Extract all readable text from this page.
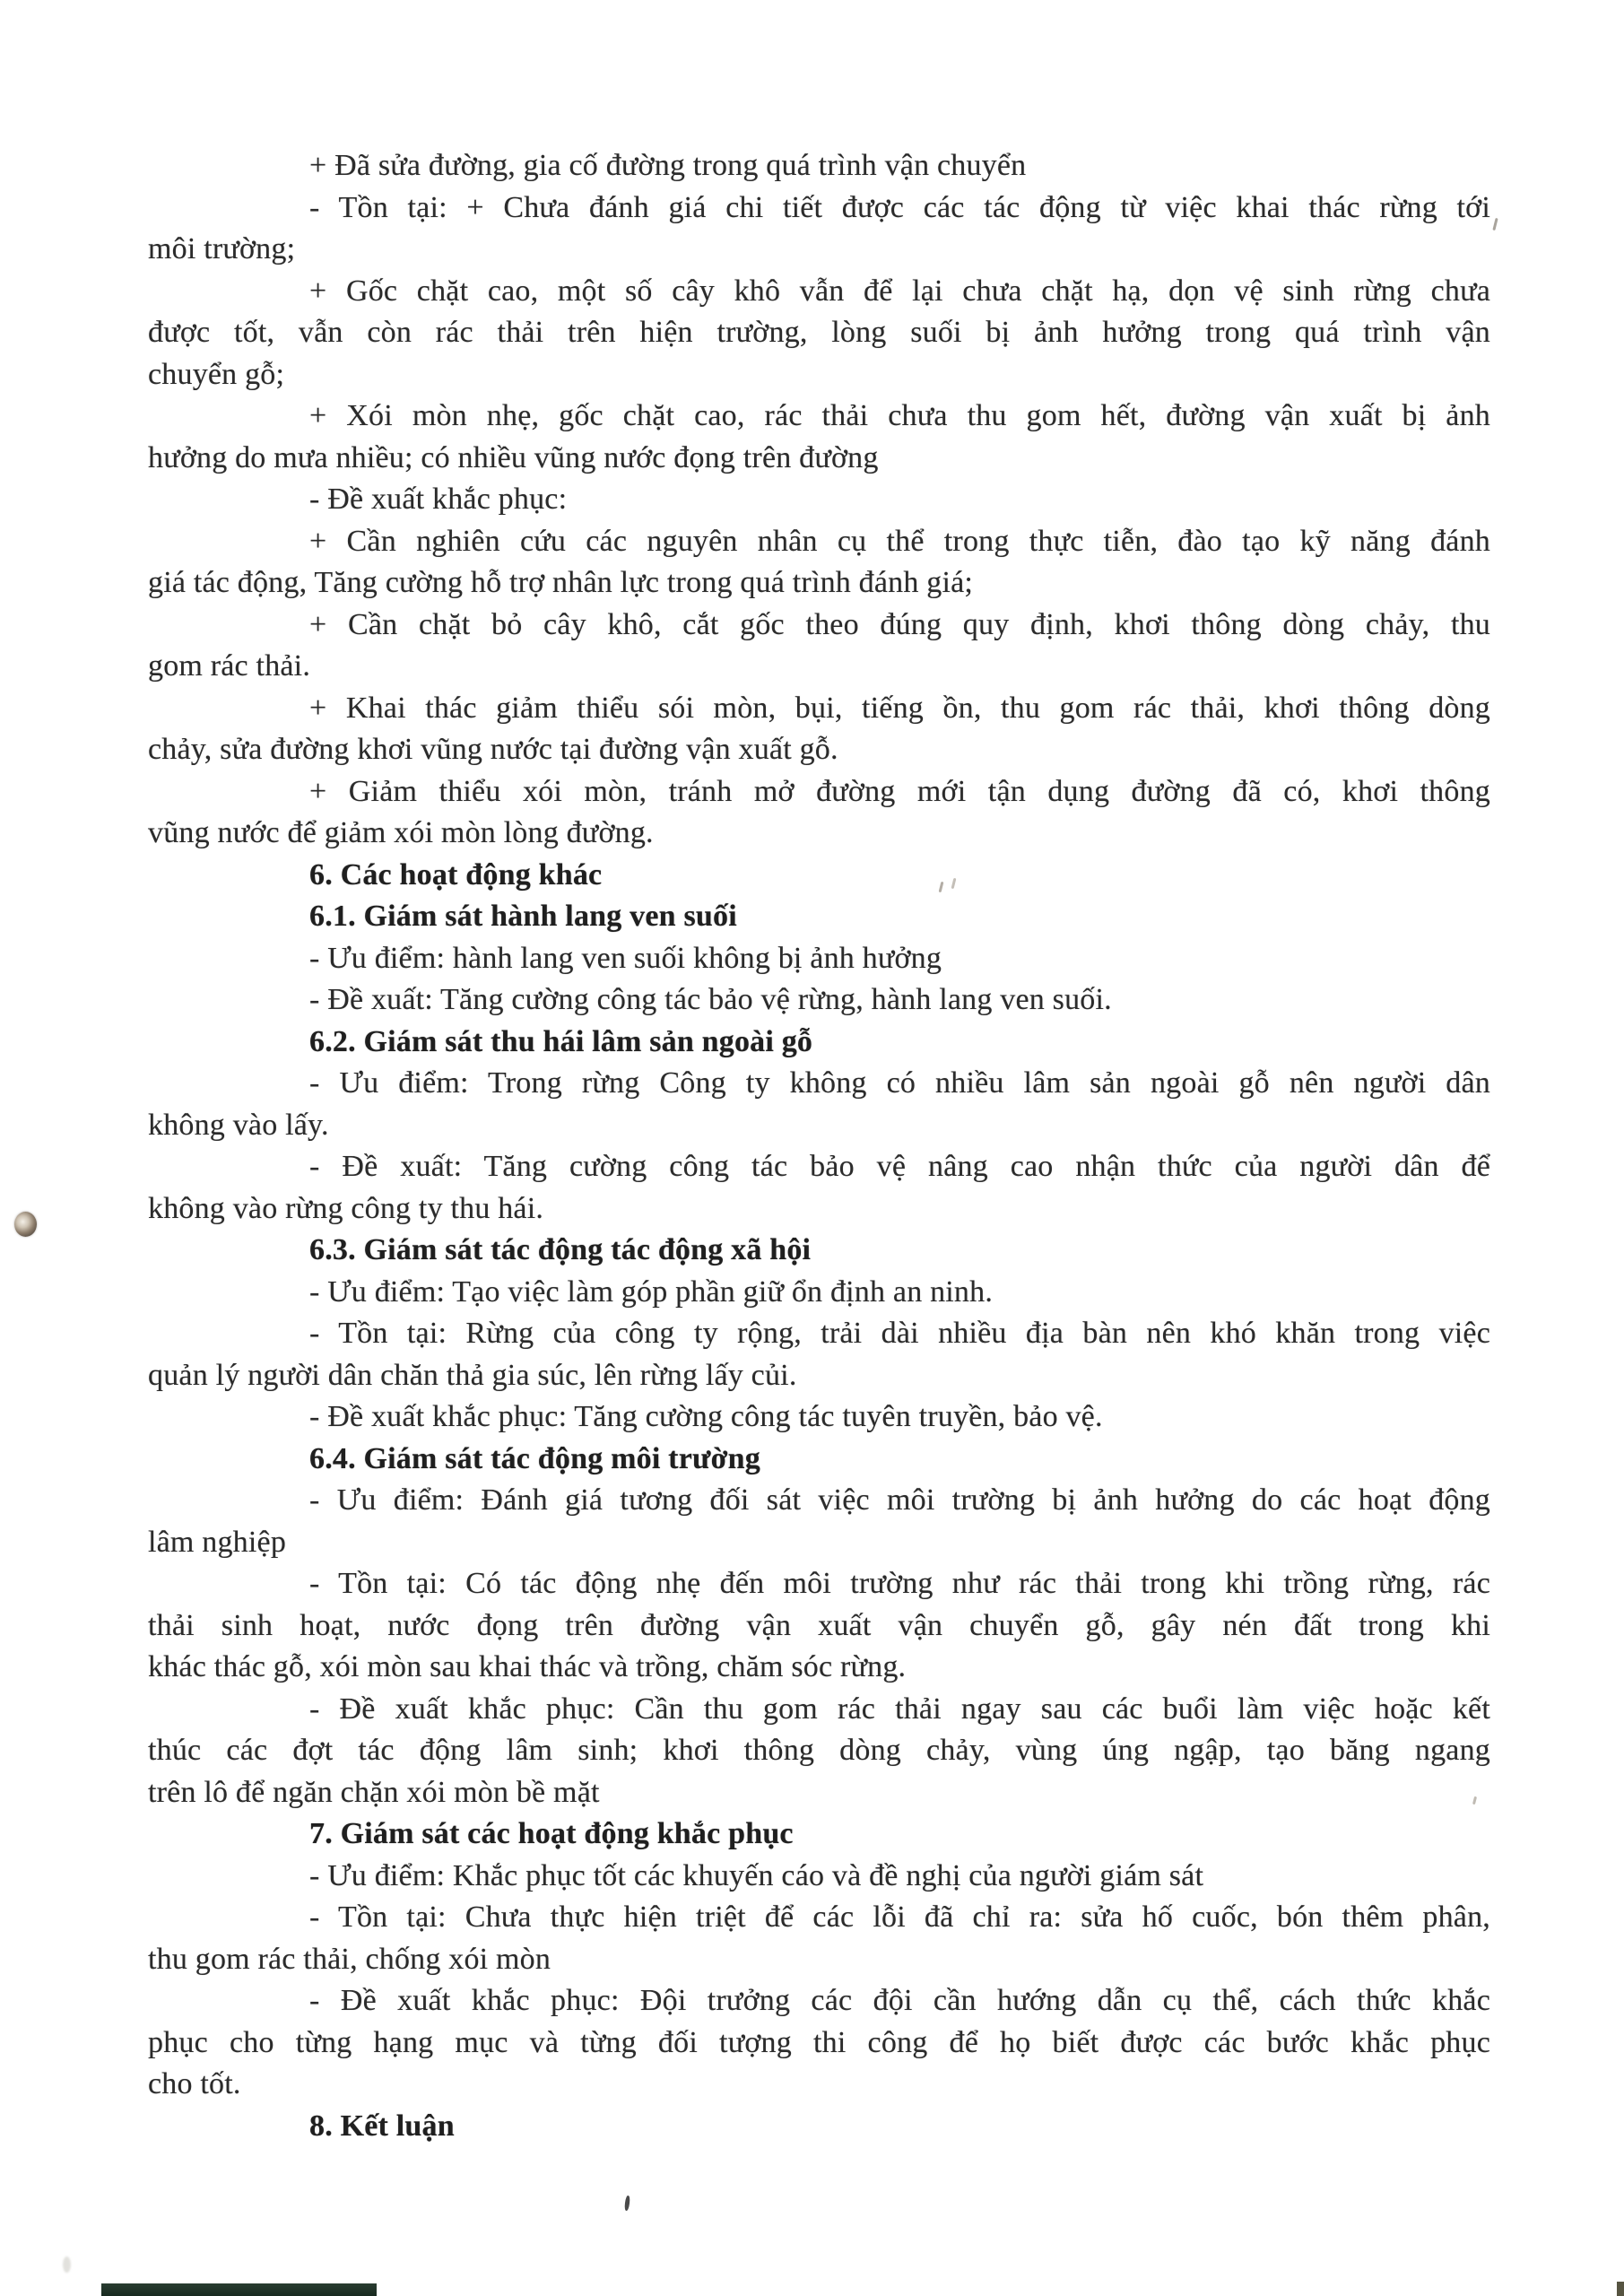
+ Đã sửa đường, gia cố đường trong quá trình vận chuyển
- Tồn tại: + Chưa đánh giá chi tiết được các tác động từ việc khai thác rừng tới
môi trường;
+ Gốc chặt cao, một số cây khô vẫn để lại chưa chặt hạ, dọn vệ sinh rừng chưa
được tốt, vẫn còn rác thải trên hiện trường, lòng suối bị ảnh hưởng trong quá trình vận
chuyển gỗ;
+ Xói mòn nhẹ, gốc chặt cao, rác thải chưa thu gom hết, đường vận xuất bị ảnh
hưởng do mưa nhiều; có nhiều vũng nước đọng trên đường
- Đề xuất khắc phục:
+ Cần nghiên cứu các nguyên nhân cụ thể trong thực tiễn, đào tạo kỹ năng đánh
giá tác động, Tăng cường hỗ trợ nhân lực trong quá trình đánh giá;
+ Cần chặt bỏ cây khô, cắt gốc theo đúng quy định, khơi thông dòng chảy, thu
gom rác thải.
+ Khai thác giảm thiểu sói mòn, bụi, tiếng ồn, thu gom rác thải, khơi thông dòng
chảy, sửa đường khơi vũng nước tại đường vận xuất gỗ.
+ Giảm thiểu xói mòn, tránh mở đường mới tận dụng đường đã có, khơi thông
vũng nước để giảm xói mòn lòng đường.
6. Các hoạt động khác
6.1. Giám sát hành lang ven suối
- Ưu điểm: hành lang ven suối không bị ảnh hưởng
- Đề xuất: Tăng cường công tác bảo vệ rừng, hành lang ven suối.
6.2. Giám sát thu hái lâm sản ngoài gỗ
- Ưu điểm: Trong rừng Công ty không có nhiều lâm sản ngoài gỗ nên người dân
không vào lấy.
- Đề xuất: Tăng cường công tác bảo vệ nâng cao nhận thức của người dân để
không vào rừng công ty thu hái.
6.3. Giám sát tác động tác động xã hội
- Ưu điểm: Tạo việc làm góp phần giữ ổn định an ninh.
- Tồn tại: Rừng của công ty rộng, trải dài nhiều địa bàn nên khó khăn trong việc
quản lý người dân chăn thả gia súc, lên rừng lấy củi.
- Đề xuất khắc phục: Tăng cường công tác tuyên truyền, bảo vệ.
6.4. Giám sát tác động môi trường
- Ưu điểm: Đánh giá tương đối sát việc môi trường bị ảnh hưởng do các hoạt động
lâm nghiệp
- Tồn tại: Có tác động nhẹ đến môi trường như rác thải trong khi trồng rừng, rác
thải sinh hoạt, nước đọng trên đường vận xuất vận chuyển gỗ, gây nén đất trong khi
khác thác gỗ, xói mòn sau khai thác và trồng, chăm sóc rừng.
- Đề xuất khắc phục: Cần thu gom rác thải ngay sau các buổi làm việc hoặc kết
thúc các đợt tác động lâm sinh; khơi thông dòng chảy, vùng úng ngập, tạo băng ngang
trên lô để ngăn chặn xói mòn bề mặt
7. Giám sát các hoạt động khắc phục
- Ưu điểm: Khắc phục tốt các khuyến cáo và đề nghị của người giám sát
- Tồn tại: Chưa thực hiện triệt để các lỗi đã chỉ ra: sửa hố cuốc, bón thêm phân,
thu gom rác thải, chống xói mòn
- Đề xuất khắc phục: Đội trưởng các đội cần hướng dẫn cụ thể, cách thức khắc
phục cho từng hạng mục và từng đối tượng thi công để họ biết được các bước khắc phục
cho tốt.
8. Kết luận
